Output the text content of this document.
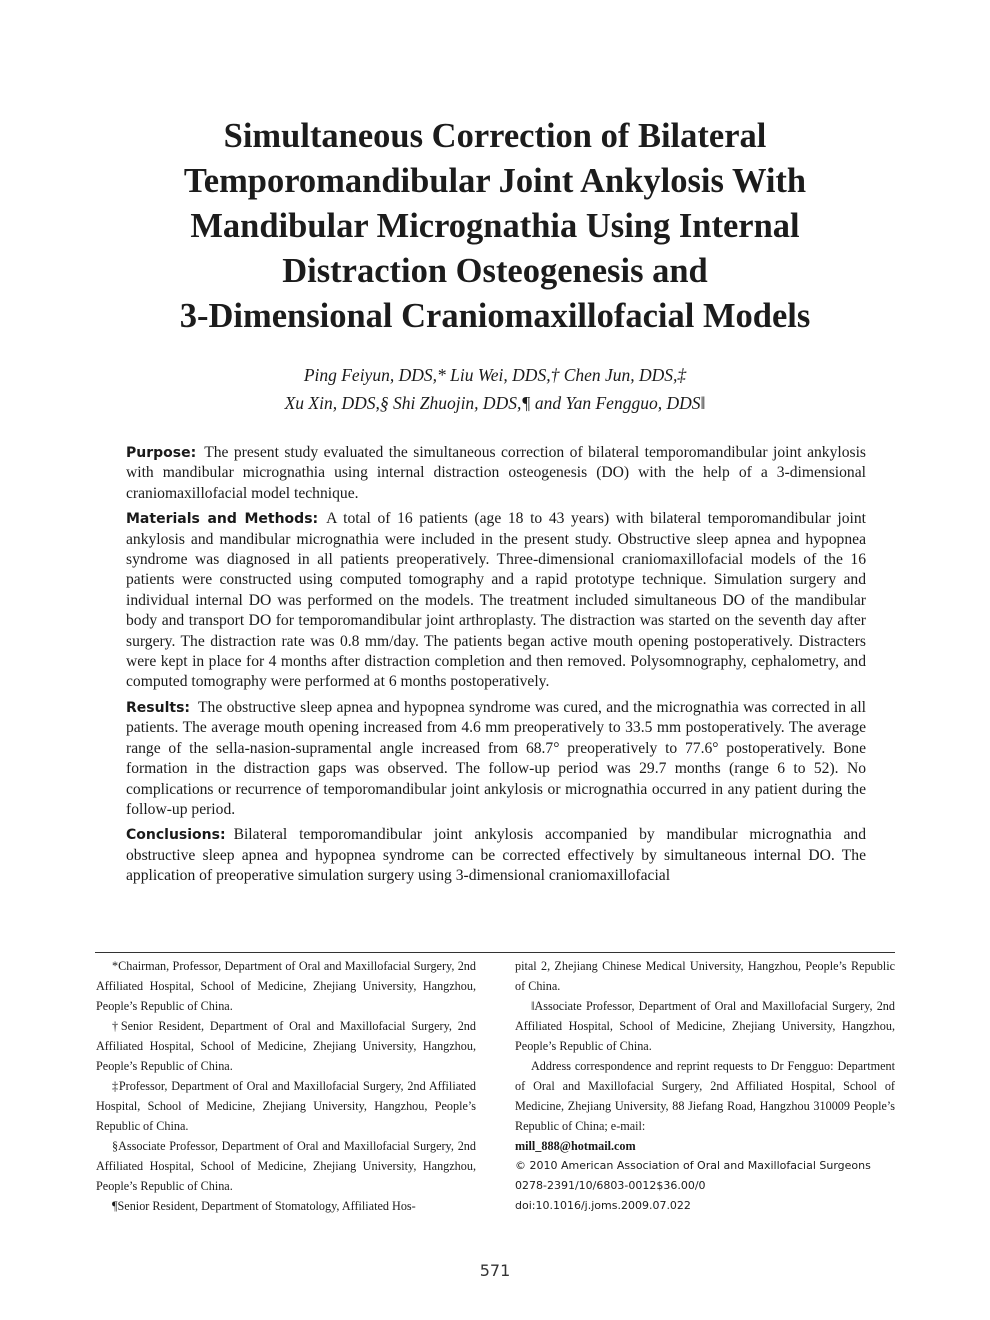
Simultaneous Correction of Bilateral
Temporomandibular Joint Ankylosis With
Mandibular Micrognathia Using Internal
Distraction Osteogenesis and
3-Dimensional Craniomaxillofacial Models
Ping Feiyun, DDS,* Liu Wei, DDS,† Chen Jun, DDS,‡
Xu Xin, DDS,§ Shi Zhuojin, DDS,¶ and Yan Fengguo, DDS‖

Purpose: The present study evaluated the simultaneous correction of bilateral temporomandibular joint ankylosis with mandibular micrognathia using internal distraction osteogenesis (DO) with the help of a 3-dimensional craniomaxillofacial model technique.

Materials and Methods: A total of 16 patients (age 18 to 43 years) with bilateral temporomandibular joint ankylosis and mandibular micrognathia were included in the present study. Obstructive sleep apnea and hypopnea syndrome was diagnosed in all patients preoperatively. Three-dimensional craniomaxillofacial models of the 16 patients were constructed using computed tomography and a rapid prototype technique. Simulation surgery and individual internal DO was performed on the models. The treatment included simultaneous DO of the mandibular body and transport DO for temporomandibular joint arthroplasty. The distraction was started on the seventh day after surgery. The distraction rate was 0.8 mm/day. The patients began active mouth opening postoperatively. Distracters were kept in place for 4 months after distraction completion and then removed. Polysomnography, cephalometry, and computed tomography were performed at 6 months postoperatively.

Results: The obstructive sleep apnea and hypopnea syndrome was cured, and the micrognathia was corrected in all patients. The average mouth opening increased from 4.6 mm preoperatively to 33.5 mm postoperatively. The average range of the sella-nasion-supramental angle increased from 68.7° preoperatively to 77.6° postoperatively. Bone formation in the distraction gaps was observed. The follow-up period was 29.7 months (range 6 to 52). No complications or recurrence of temporomandibular joint ankylosis or micrognathia occurred in any patient during the follow-up period.

Conclusions: Bilateral temporomandibular joint ankylosis accompanied by mandibular micrognathia and obstructive sleep apnea and hypopnea syndrome can be corrected effectively by simultaneous internal DO. The application of preoperative simulation surgery using 3-dimensional craniomaxillofacial

*Chairman, Professor, Department of Oral and Maxillofacial Surgery, 2nd Affiliated Hospital, School of Medicine, Zhejiang University, Hangzhou, People’s Republic of China.

†Senior Resident, Department of Oral and Maxillofacial Surgery, 2nd Affiliated Hospital, School of Medicine, Zhejiang University, Hangzhou, People’s Republic of China.

‡Professor, Department of Oral and Maxillofacial Surgery, 2nd Affiliated Hospital, School of Medicine, Zhejiang University, Hangzhou, People’s Republic of China.

§Associate Professor, Department of Oral and Maxillofacial Surgery, 2nd Affiliated Hospital, School of Medicine, Zhejiang University, Hangzhou, People’s Republic of China.

¶Senior Resident, Department of Stomatology, Affiliated Hos-

pital 2, Zhejiang Chinese Medical University, Hangzhou, People’s Republic of China.

‖Associate Professor, Department of Oral and Maxillofacial Surgery, 2nd Affiliated Hospital, School of Medicine, Zhejiang University, Hangzhou, People’s Republic of China.

Address correspondence and reprint requests to Dr Fengguo: Department of Oral and Maxillofacial Surgery, 2nd Affiliated Hospital, School of Medicine, Zhejiang University, 88 Jiefang Road, Hangzhou 310009 People’s Republic of China; e-mail:

mill_888@hotmail.com

© 2010 American Association of Oral and Maxillofacial Surgeons

0278-2391/10/6803-0012$36.00/0

doi:10.1016/j.joms.2009.07.022

571
